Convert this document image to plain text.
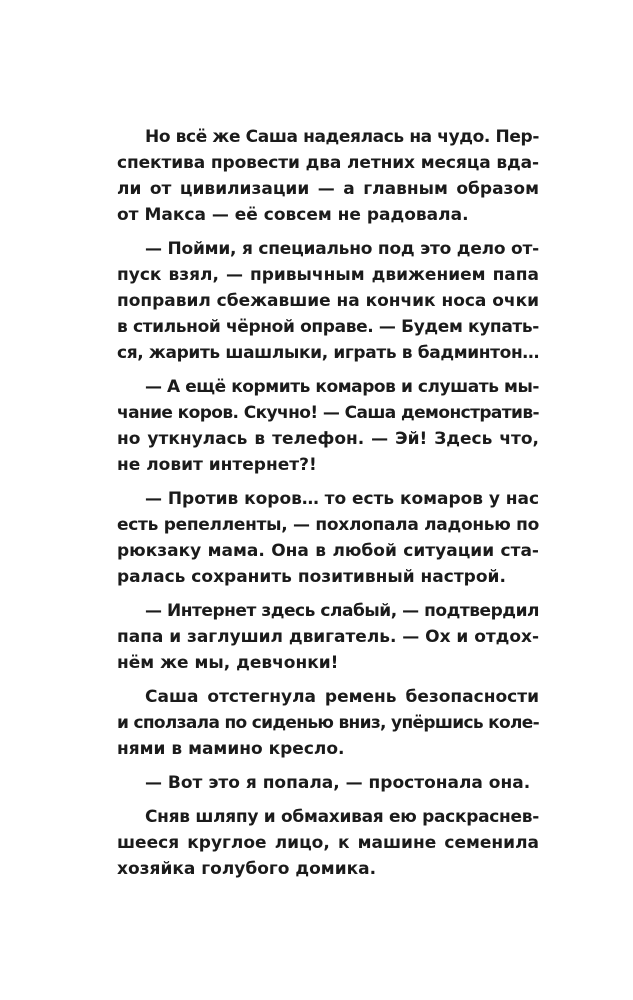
Но всё же Саша надеялась на чудо. Пер-
спектива провести два летних месяца вда-
ли от цивилизации — а главным образом
от Макса — её совсем не радовала.
— Пойми, я специально под это дело от-
пуск взял, — привычным движением папа
поправил сбежавшие на кончик носа очки
в стильной чёрной оправе. — Будем купать-
ся, жарить шашлыки, играть в бадминтон…
— А ещё кормить комаров и слушать мы-
чание коров. Скучно! — Саша демонстратив-
но уткнулась в телефон. — Эй! Здесь что,
не ловит интернет?!
— Против коров… то есть комаров у нас
есть репелленты, — похлопала ладонью по
рюкзаку мама. Она в любой ситуации ста-
ралась сохранить позитивный настрой.
— Интернет здесь слабый, — подтвердил
папа и заглушил двигатель. — Ох и отдох-
нём же мы, девчонки!
Саша отстегнула ремень безопасности
и сползала по сиденью вниз, упёршись коле-
нями в мамино кресло.
— Вот это я попала, — простонала она.
Сняв шляпу и обмахивая ею раскраснев-
шееся круглое лицо, к машине семенила
хозяйка голубого домика.
